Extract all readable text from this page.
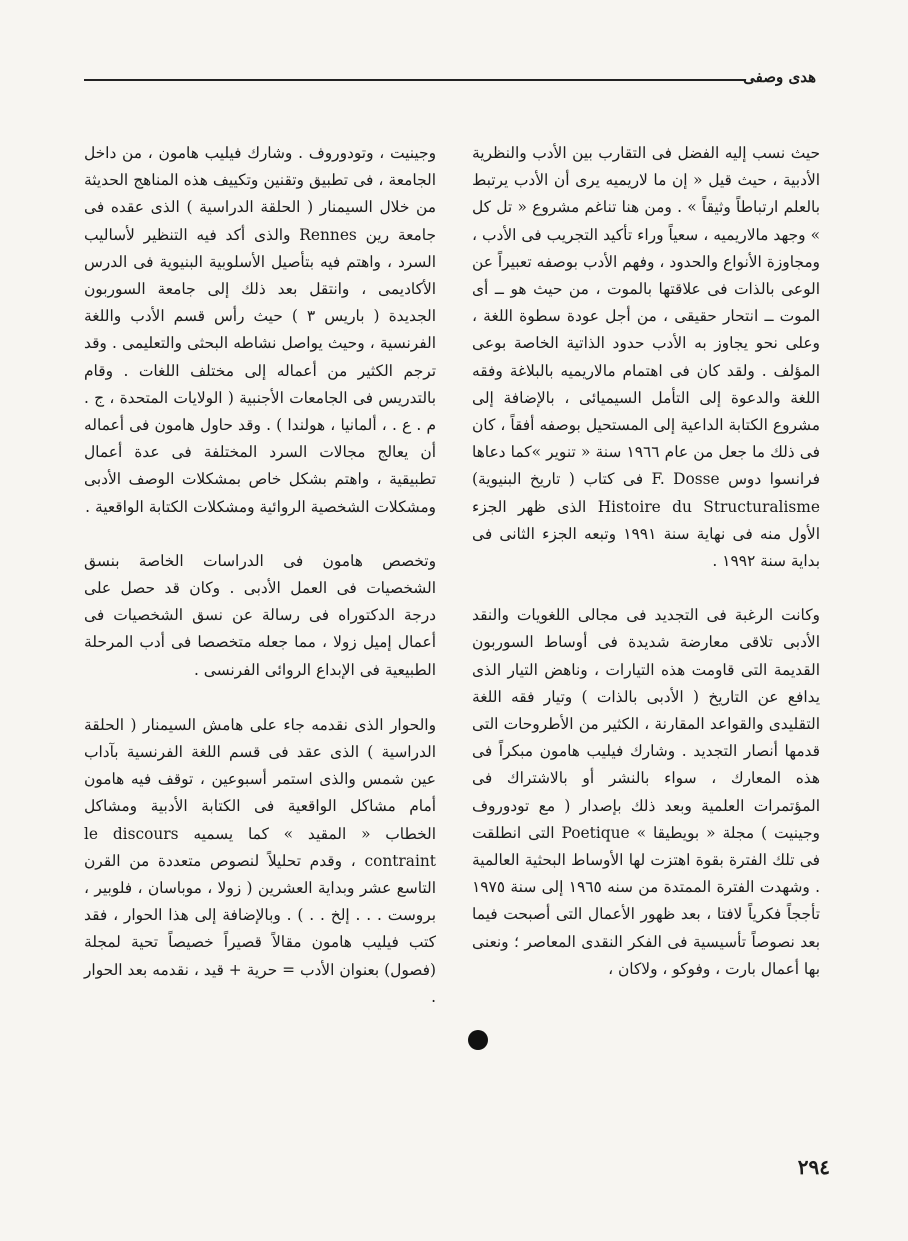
هدى وصفى

حيث نسب إليه الفضل فى التقارب بين الأدب والنظرية الأدبية ، حيث قيل « إن ما لاريميه يرى أن الأدب يرتبط بالعلم ارتباطاً وثيقاً » . ومن هنا تناغم مشروع « تل كل » وجهد مالاريميه ، سعياً وراء تأكيد التجريب فى الأدب ، ومجاوزة الأنواع والحدود ، وفهم الأدب بوصفه تعبيراً عن الوعى بالذات فى علاقتها بالموت ، من حيث هو ــ أى الموت ــ انتحار حقيقى ، من أجل عودة سطوة اللغة ، وعلى نحو يجاوز به الأدب حدود الذاتية الخاصة بوعى المؤلف . ولقد كان فى اهتمام مالاريميه بالبلاغة وفقه اللغة والدعوة إلى التأمل السيميائى ، بالإضافة إلى مشروع الكتابة الداعية إلى المستحيل بوصفه أفقاً ، كان فى ذلك ما جعل من عام ١٩٦٦ سنة « تنوير »كما دعاها فرانسوا دوس F. Dosse فى كتاب ( تاريخ البنيوية) Histoire du Structuralisme الذى ظهر الجزء الأول منه فى نهاية سنة ١٩٩١ وتبعه الجزء الثانى فى بداية سنة ١٩٩٢ .

وكانت الرغبة فى التجديد فى مجالى اللغويات والنقد الأدبى تلاقى معارضة شديدة فى أوساط السوربون القديمة التى قاومت هذه التيارات ، وناهض التيار الذى يدافع عن التاريخ ( الأدبى بالذات ) وتيار فقه اللغة التقليدى والقواعد المقارنة ، الكثير من الأطروحات التى قدمها أنصار التجديد . وشارك فيليب هامون مبكراً فى هذه المعارك ، سواء بالنشر أو بالاشتراك فى المؤتمرات العلمية وبعد ذلك بإصدار ( مع تودوروف وجينيت ) مجلة « بويطيقا » Poetique التى انطلقت فى تلك الفترة بقوة اهتزت لها الأوساط البحثية العالمية . وشهدت الفترة الممتدة من سنه ١٩٦٥ إلى سنة ١٩٧٥ تأججاً فكرياً لافتا ، بعد ظهور الأعمال التى أصبحت فيما بعد نصوصاً تأسيسية فى الفكر النقدى المعاصر ؛ ونعنى بها أعمال بارت ، وفوكو ، ولاكان ،

وجينيت ، وتودوروف . وشارك فيليب هامون ، من داخل الجامعة ، فى تطبيق وتقنين وتكييف هذه المناهج الحديثة من خلال السيمنار ( الحلقة الدراسية ) الذى عقده فى جامعة رين Rennes والذى أكد فيه التنظير لأساليب السرد ، واهتم فيه بتأصيل الأسلوبية البنيوية فى الدرس الأكاديمى ، وانتقل بعد ذلك إلى جامعة السوربون الجديدة ( باريس ٣ ) حيث رأس قسم الأدب واللغة الفرنسية ، وحيث يواصل نشاطه البحثى والتعليمى . وقد ترجم الكثير من أعماله إلى مختلف اللغات . وقام بالتدريس فى الجامعات الأجنبية ( الولايات المتحدة ، ج . م . ع . ، ألمانيا ، هولندا ) . وقد حاول هامون فى أعماله أن يعالج مجالات السرد المختلفة فى عدة أعمال تطبيقية ، واهتم بشكل خاص بمشكلات الوصف الأدبى ومشكلات الشخصية الروائية ومشكلات الكتابة الواقعية .

وتخصص هامون فى الدراسات الخاصة بنسق الشخصيات فى العمل الأدبى . وكان قد حصل على درجة الدكتوراه فى رسالة عن نسق الشخصيات فى أعمال إميل زولا ، مما جعله متخصصا فى أدب المرحلة الطبيعية فى الإبداع الروائى الفرنسى .

والحوار الذى نقدمه جاء على هامش السيمنار ( الحلقة الدراسية ) الذى عقد فى قسم اللغة الفرنسية بآداب عين شمس والذى استمر أسبوعين ، توقف فيه هامون أمام مشاكل الواقعية فى الكتابة الأدبية ومشاكل الخطاب « المقيد » كما يسميه le discours contraint ، وقدم تحليلاً لنصوص متعددة من القرن التاسع عشر وبداية العشرين ( زولا ، موباسان ، فلوبير ، بروست . . . إلخ . . ) . وبالإضافة إلى هذا الحوار ، فقد كتب فيليب هامون مقالاً قصيراً خصيصاً تحية لمجلة (فصول) بعنوان الأدب = حرية + قيد ، نقدمه بعد الحوار .

٢٩٤
